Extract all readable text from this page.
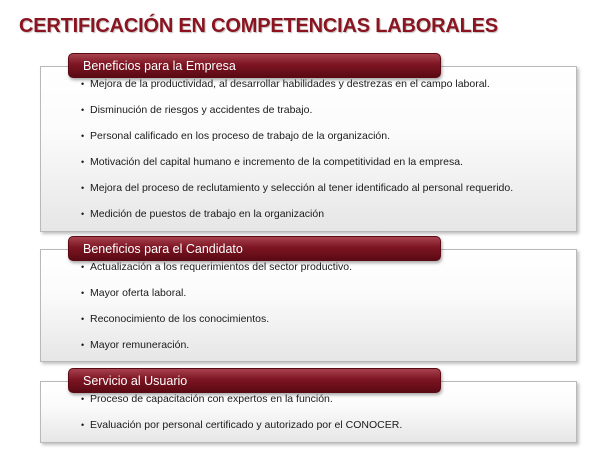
CERTIFICACIÓN EN COMPETENCIAS LABORALES
• Mejora de la productividad, al desarrollar habilidades y destrezas en el campo laboral.
• Disminución de riesgos y accidentes de trabajo.
• Personal calificado en los proceso de trabajo de la organización.
• Motivación del capital humano e incremento de la competitividad en la empresa.
• Mejora del proceso de reclutamiento y selección al tener identificado al personal requerido.
• Medición de puestos de trabajo en la organización
Beneficios para la Empresa
• Actualización a los requerimientos del sector productivo.
• Mayor oferta laboral.
• Reconocimiento de los conocimientos.
• Mayor remuneración.
Beneficios para el Candidato
• Proceso de capacitación con expertos en la función.
• Evaluación por personal certificado y autorizado por el CONOCER.
Servicio al Usuario
